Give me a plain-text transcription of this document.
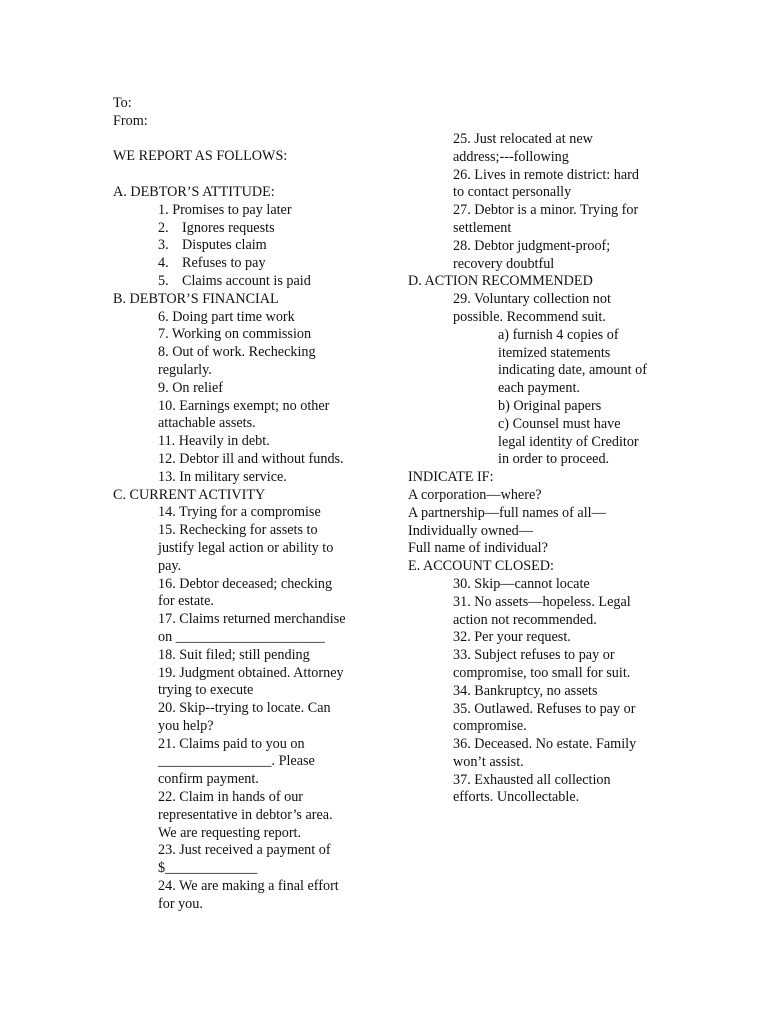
To:
From:
WE REPORT AS FOLLOWS:
A. DEBTOR’S ATTITUDE:
1. Promises to pay later
2. Ignores requests
3. Disputes claim
4. Refuses to pay
5. Claims account is paid
B. DEBTOR’S FINANCIAL
6. Doing part time work
7. Working on commission
8. Out of work. Rechecking
regularly.
9. On relief
10. Earnings exempt; no other
attachable assets.
11. Heavily in debt.
12. Debtor ill and without funds.
13. In military service.
C. CURRENT ACTIVITY
14. Trying for a compromise
15. Rechecking for assets to
justify legal action or ability to
pay.
16. Debtor deceased; checking
for estate.
17. Claims returned merchandise
on _____________________
18. Suit filed; still pending
19. Judgment obtained. Attorney
trying to execute
20. Skip--trying to locate. Can
you help?
21. Claims paid to you on
________________. Please
confirm payment.
22. Claim in hands of our
representative in debtor’s area.
We are requesting report.
23. Just received a payment of
$_____________
24. We are making a final effort
for you.
25. Just relocated at new
address;---following
26. Lives in remote district: hard
to contact personally
27. Debtor is a minor. Trying for
settlement
28. Debtor judgment-proof;
recovery doubtful
D. ACTION RECOMMENDED
29. Voluntary collection not
possible. Recommend suit.
a) furnish 4 copies of
itemized statements
indicating date, amount of
each payment.
b) Original papers
c) Counsel must have
legal identity of Creditor
in order to proceed.
INDICATE IF:
A corporation—where?
A partnership—full names of all—
Individually owned—
Full name of individual?
E. ACCOUNT CLOSED:
30. Skip—cannot locate
31. No assets—hopeless. Legal
action not recommended.
32. Per your request.
33. Subject refuses to pay or
compromise, too small for suit.
34. Bankruptcy, no assets
35. Outlawed. Refuses to pay or
compromise.
36. Deceased. No estate. Family
won’t assist.
37. Exhausted all collection
efforts. Uncollectable.
